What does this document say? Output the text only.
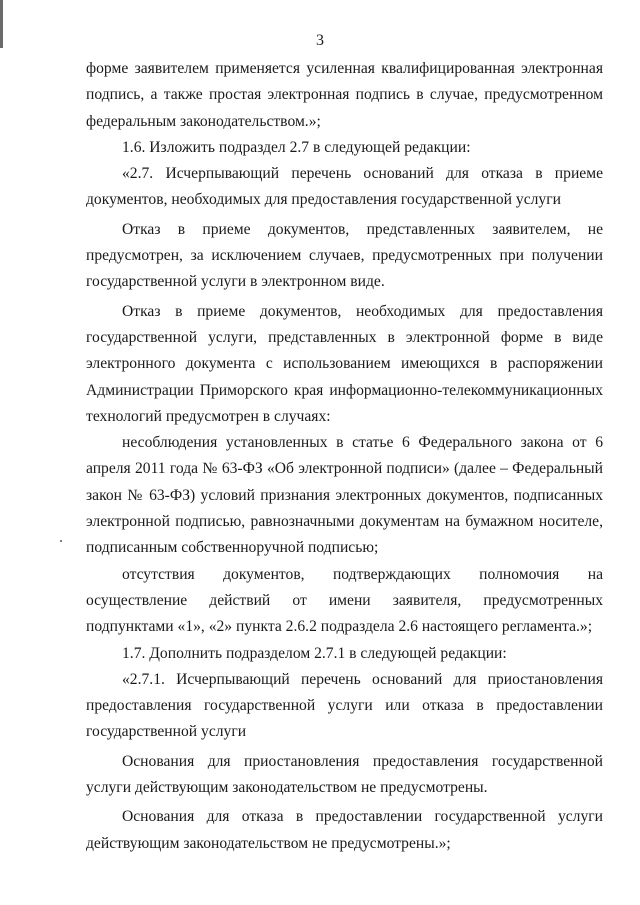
3

форме заявителем применяется усиленная квалифицированная электронная подпись, а также простая электронная подпись в случае, предусмотренном федеральным законодательством.»;

1.6. Изложить подраздел 2.7 в следующей редакции:

«2.7. Исчерпывающий перечень оснований для отказа в приеме документов, необходимых для предоставления государственной услуги

Отказ в приеме документов, представленных заявителем, не предусмотрен, за исключением случаев, предусмотренных при получении государственной услуги в электронном виде.

Отказ в приеме документов, необходимых для предоставления государственной услуги, представленных в электронной форме в виде электронного документа с использованием имеющихся в распоряжении Администрации Приморского края информационно-телекоммуникационных технологий предусмотрен в случаях:

несоблюдения установленных в статье 6 Федерального закона от 6 апреля 2011 года № 63-ФЗ «Об электронной подписи» (далее – Федеральный закон № 63-ФЗ) условий признания электронных документов, подписанных электронной подписью, равнозначными документам на бумажном носителе, подписанным собственноручной подписью;

отсутствия документов, подтверждающих полномочия на осуществление действий от имени заявителя, предусмотренных подпунктами «1», «2» пункта 2.6.2 подраздела 2.6 настоящего регламента.»;

1.7. Дополнить подразделом 2.7.1 в следующей редакции:

«2.7.1. Исчерпывающий перечень оснований для приостановления предоставления государственной услуги или отказа в предоставлении государственной услуги

Основания для приостановления предоставления государственной услуги действующим законодательством не предусмотрены.

Основания для отказа в предоставлении государственной услуги действующим законодательством не предусмотрены.»;
